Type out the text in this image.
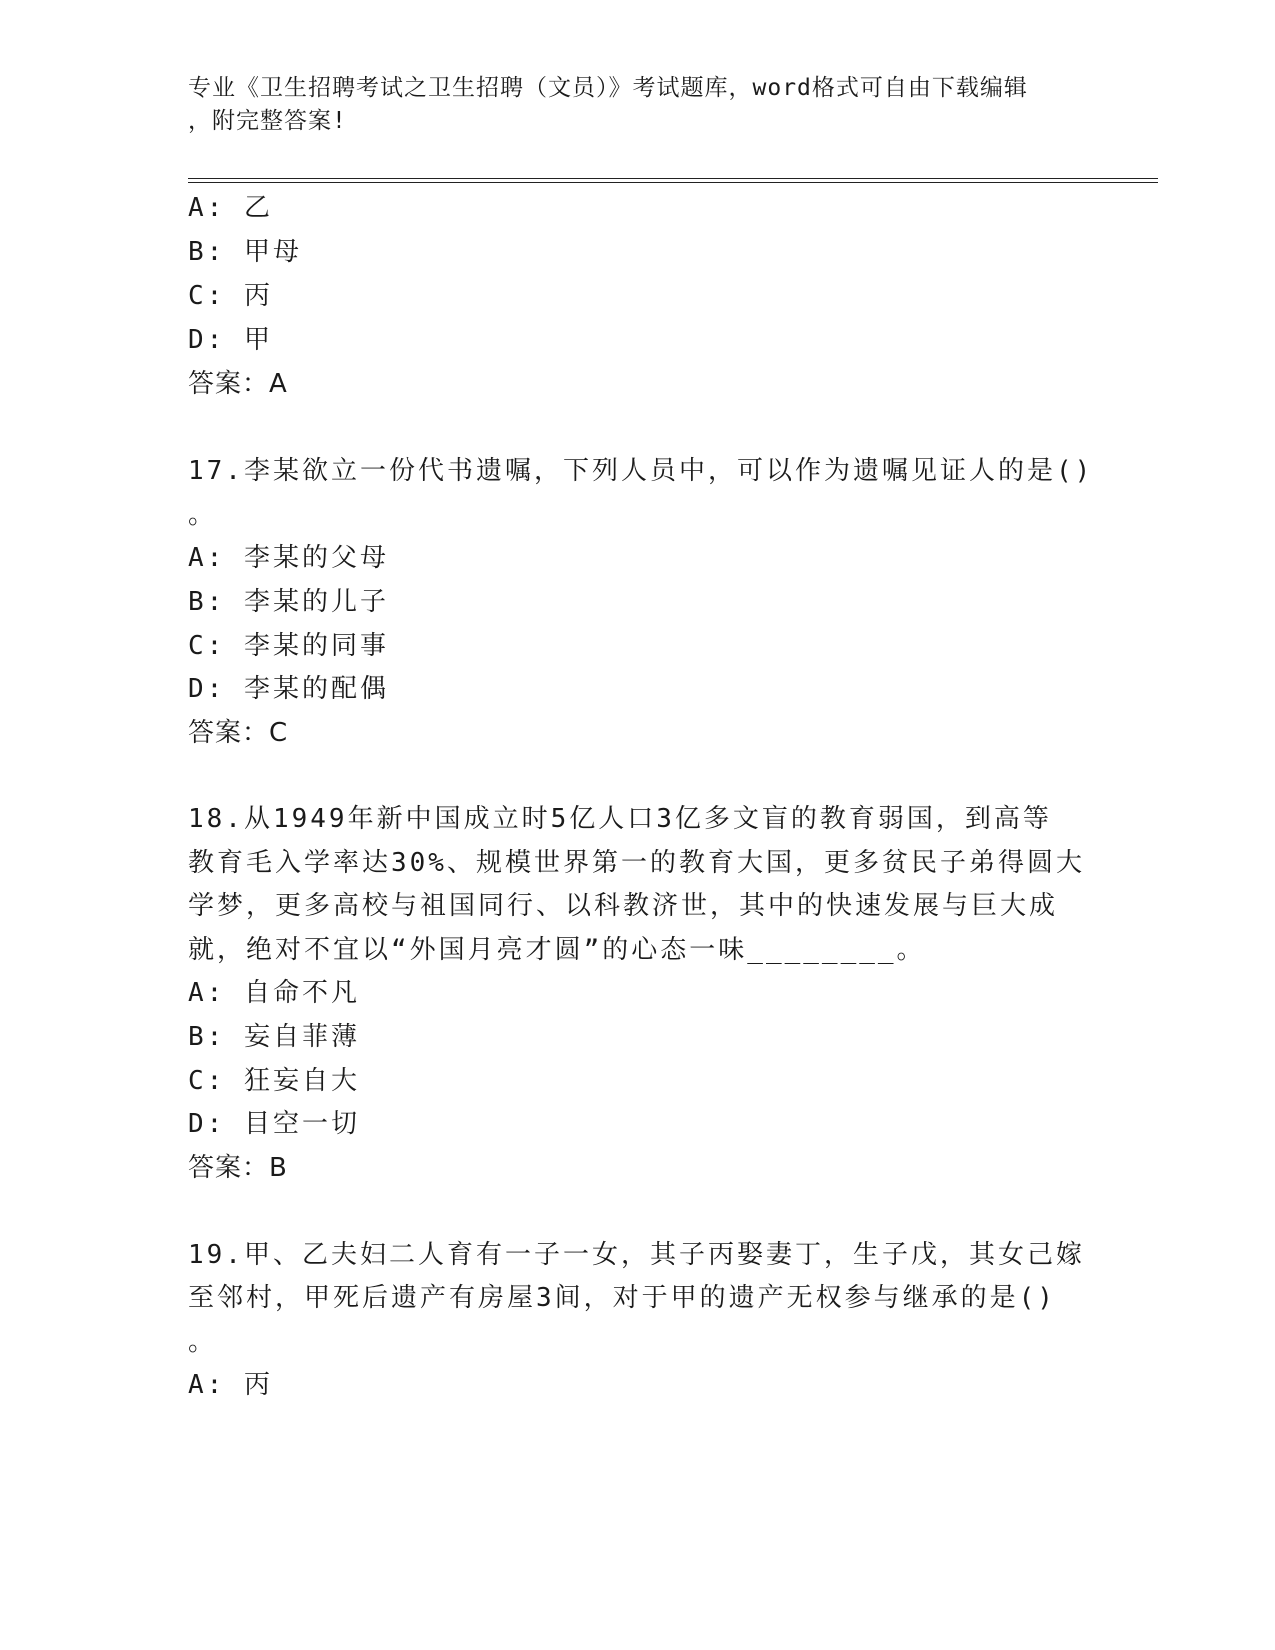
专业《卫生招聘考试之卫生招聘（文员）》考试题库，word格式可自由下载编辑
，附完整答案!
A: 乙
B: 甲母
C: 丙
D: 甲
答案：A
17.李某欲立一份代书遗嘱，下列人员中，可以作为遗嘱见证人的是()
。
A: 李某的父母
B: 李某的儿子
C: 李某的同事
D: 李某的配偶
答案：C
18.从1949年新中国成立时5亿人口3亿多文盲的教育弱国，到高等
教育毛入学率达30%、规模世界第一的教育大国，更多贫民子弟得圆大
学梦，更多高校与祖国同行、以科教济世，其中的快速发展与巨大成
就，绝对不宜以“外国月亮才圆”的心态一味________。
A: 自命不凡
B: 妄自菲薄
C: 狂妄自大
D: 目空一切
答案：B
19.甲、乙夫妇二人育有一子一女，其子丙娶妻丁，生子戊，其女己嫁
至邻村，甲死后遗产有房屋3间，对于甲的遗产无权参与继承的是()
。
A: 丙
